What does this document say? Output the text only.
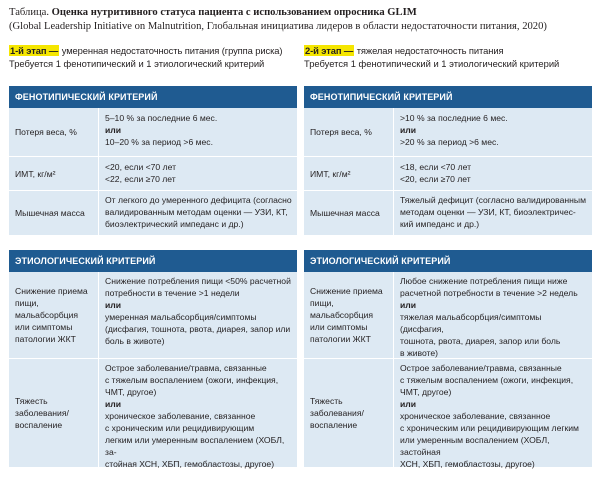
Таблица. Оценка нутритивного статуса пациента с использованием опросника GLIM
(Global Leadership Initiative on Malnutrition, Глобальная инициатива лидеров в области недостаточности питания, 2020)
1-й этап — умеренная недостаточность питания (группа риска)
Требуется 1 фенотипический и 1 этиологический критерий
ФЕНОТИПИЧЕСКИЙ КРИТЕРИЙ
Потеря веса, %
5–10 % за последние 6 мес.
или
10–20 % за период >6 мес.
ИМТ, кг/м²
<20, если <70 лет
<22, если ≥70 лет
Мышечная масса
От легкого до умеренного дефицита (согласно
валидированным методам оценки — УЗИ, КТ,
биоэлектрический импеданс и др.)
ЭТИОЛОГИЧЕСКИЙ КРИТЕРИЙ
Снижение приема пищи, мальабсорбция или симптомы патологии ЖКТ
Снижение потребления пищи <50% расчетной
потребности в течение >1 недели
или
умеренная мальабсорбция/симптомы
(дисфагия, тошнота, рвота, диарея, запор или
боль в животе)
Тяжесть заболевания/ воспаление
Острое заболевание/травма, связанные
с тяжелым воспалением (ожоги, инфекция,
ЧМТ, другое)
или
хроническое заболевание, связанное
с хроническим или рецидивирующим
легким или умеренным воспалением (ХОБЛ, за-
стойная ХСН, ХБП, гемобластозы, другое)
2-й этап — тяжелая недостаточность питания
Требуется 1 фенотипический и 1 этиологический критерий
ФЕНОТИПИЧЕСКИЙ КРИТЕРИЙ
Потеря веса, %
>10 % за последние 6 мес.
или
>20 % за период >6 мес.
ИМТ, кг/м²
<18, если <70 лет
<20, если ≥70 лет
Мышечная масса
Тяжелый дефицит (согласно валидированным
методам оценки — УЗИ, КТ, биоэлектричес-
кий импеданс и др.)
ЭТИОЛОГИЧЕСКИЙ КРИТЕРИЙ
Снижение приема пищи, мальабсорбция или симптомы патологии ЖКТ
Любое снижение потребления пищи ниже
расчетной потребности в течение >2 недель
или
тяжелая мальабсорбция/симптомы (дисфагия,
тошнота, рвота, диарея, запор или боль
в животе)
Тяжесть заболевания/ воспаление
Острое заболевание/травма, связанные
с тяжелым воспалением (ожоги, инфекция,
ЧМТ, другое)
или
хроническое заболевание, связанное
с хроническим или рецидивирующим легким
или умеренным воспалением (ХОБЛ, застойная
ХСН, ХБП, гемобластозы, другое)
